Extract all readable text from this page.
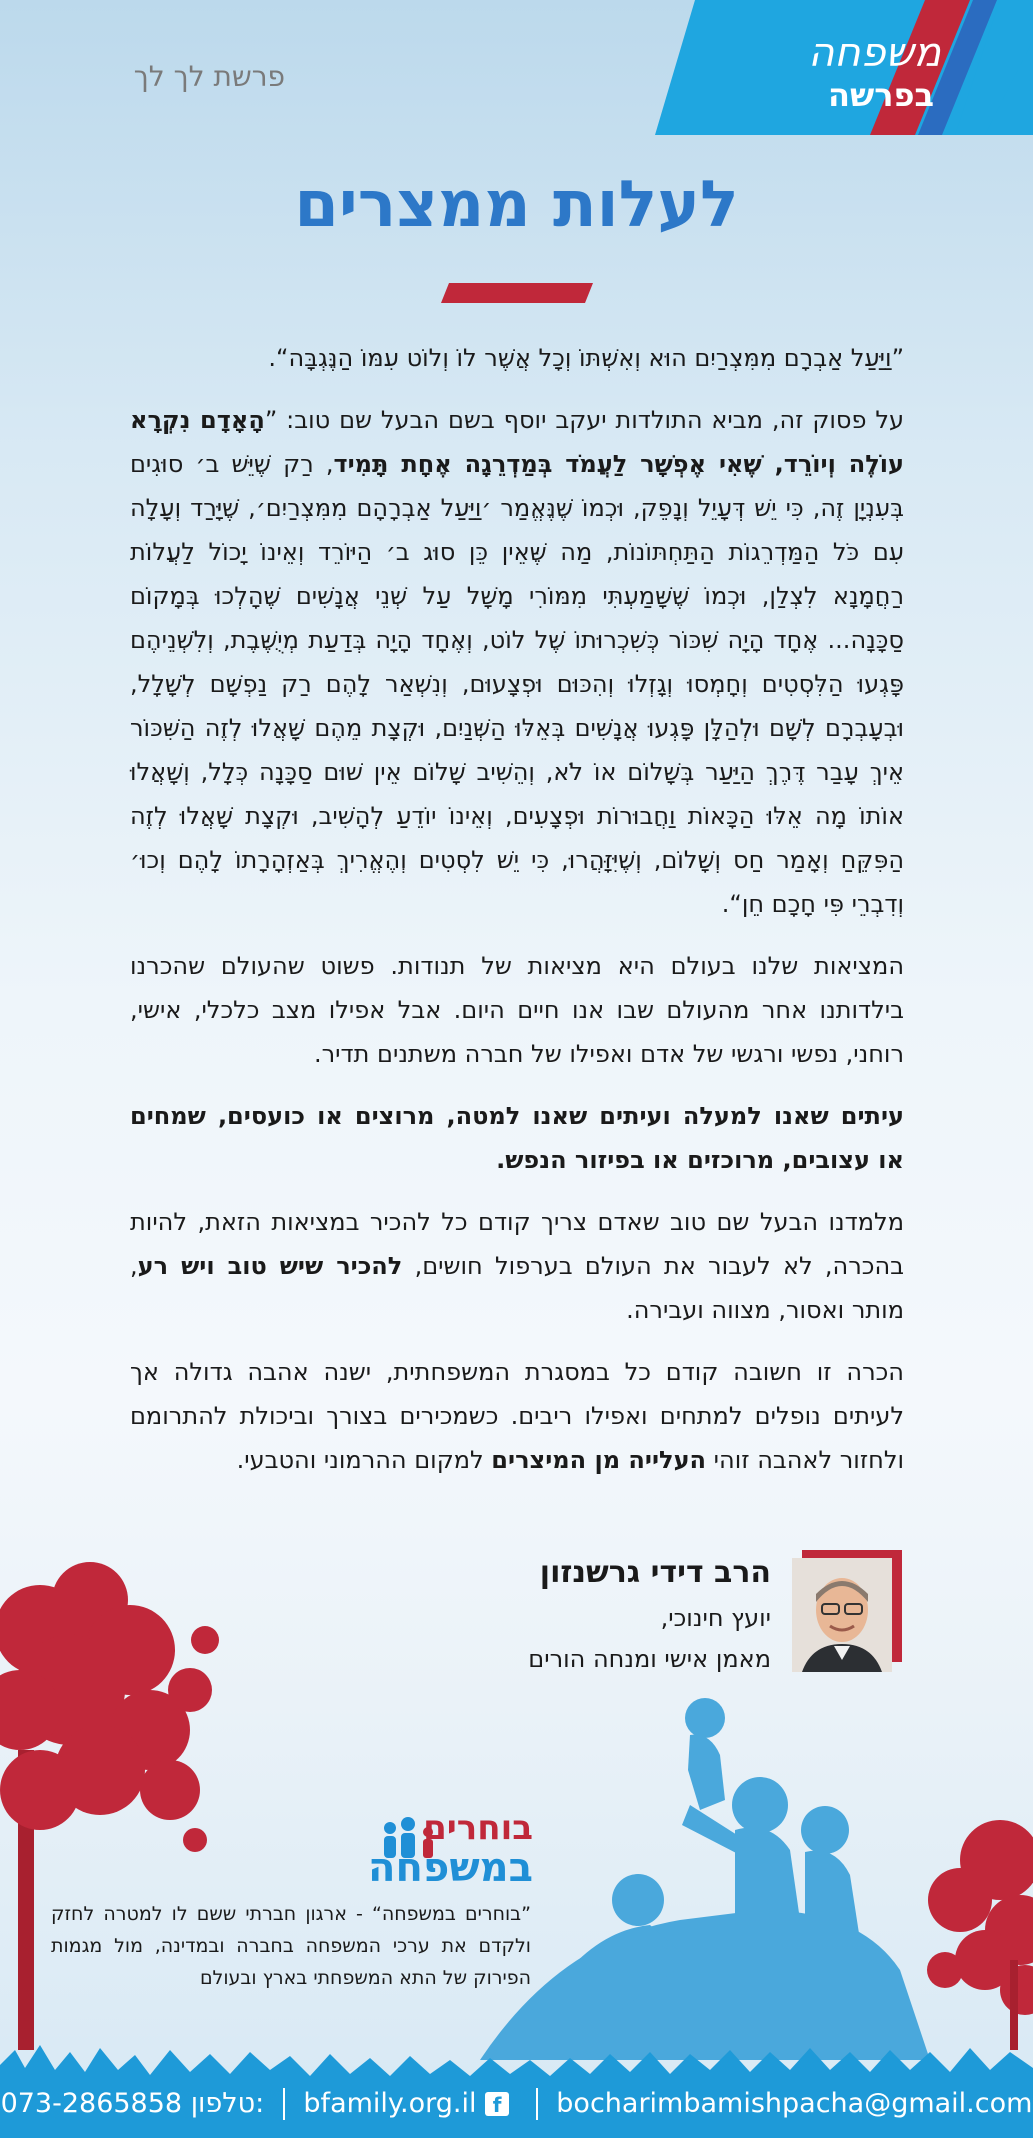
משפחה
בפרשה
פרשת לך לך
לעלות ממצרים

”וַיַּעַל אַבְרָם מִמִּצְרַיִם הוּא וְאִשְׁתּוֹ וְכָל אֲשֶׁר לוֹ וְלוֹט עִמּוֹ הַנֶּגְבָּה“.

על פסוק זה, מביא התולדות יעקב יוסף בשם הבעל שם טוב: ”הָאָדָם נִקְרָא עוֹלֶה וְיוֹרֵד, שֶׁאִי אֶפְשָׁר לַעֲמֹד בְּמַדְרֵגָה אֶחָת תָּמִיד, רַק שֶׁיֵּשׁ ב׳ סוּגִים בְּעִנְיָן זֶה, כִּי יֵשׁ דְּעָיֵל וְנָפֵק, וּכְמוֹ שֶׁנֶּאֱמַר ׳וַיַּעַל אַבְרָהָם מִמִּצְרַיִם׳, שֶׁיָּרַד וְעָלָה עִם כֹּל הַמַּדְרֵגוֹת הַתַּחְתּוֹנוֹת, מַה שֶּׁאֵין כֵּן סוּג ב׳ הַיּוֹרֵד וְאֵינוֹ יָכוֹל לַעֲלוֹת רַחֲמָנָא לִצְלַן, וּכְמוֹ שֶׁשָּׁמַעְתִּי מִמּוֹרִי מָשָׁל עַל שְׁנֵי אֲנָשִׁים שֶׁהָלְכוּ בְּמָקוֹם סַכָּנָה... אֶחָד הָיָה שִׁכּוֹר כְּשִׁכְרוּתוֹ שֶׁל לוֹט, וְאֶחָד הָיָה בְּדַעַת מְיֻשֶּׁבֶת, וְלִשְׁנֵיהֶם פָּגְעוּ הַלִּסְטִים וְחָמְסוּ וְגָזְלוּ וְהִכּוּם וּפְצָעוּם, וְנִשְׁאַר לָהֶם רַק נַפְשָׁם לְשָׁלָל, וּבְעָבְרָם לְשָׁם וּלְהַלָּן פָּגְעוּ אֲנָשִׁים בְּאֵלּוּ הַשְּׁנַיִם, וּקְצָת מֵהֶם שָׁאֲלוּ לְזֶה הַשִּׁכּוֹר אֵיךְ עָבַר דֶּרֶךְ הַיַּעַר בְּשָׁלוֹם אוֹ לֹא, וְהֵשִׁיב שָׁלוֹם אֵין שׁוּם סַכָּנָה כְּלָל, וְשָׁאֲלוּ אוֹתוֹ מָה אֵלּוּ הַכָּאוֹת וַחֲבוּרוֹת וּפְצָעִים, וְאֵינוֹ יוֹדֵעַ לְהָשִׁיב, וּקְצָת שָׁאֲלוּ לְזֶה הַפִּקֵּחַ וְאָמַר חַס וְשָׁלוֹם, וְשֶׁיִּזָּהֲרוּ, כִּי יֵשׁ לִסְטִים וְהֶאֱרִיךְ בְּאַזְהָרָתוֹ לָהֶם וְכוּ׳ וְדִבְרֵי פִּי חָכָם חֵן“.

המציאות שלנו בעולם היא מציאות של תנודות. פשוט שהעולם שהכרנו בילדותנו אחר מהעולם שבו אנו חיים היום. אבל אפילו מצב כלכלי, אישי, רוחני, נפשי ורגשי של אדם ואפילו של חברה משתנים תדיר.

עיתים שאנו למעלה ועיתים שאנו למטה, מרוצים או כועסים, שמחים או עצובים, מרוכזים או בפיזור הנפש.

מלמדנו הבעל שם טוב שאדם צריך קודם כל להכיר במציאות הזאת, להיות בהכרה, לא לעבור את העולם בערפול חושים, להכיר שיש טוב ויש רע, מותר ואסור, מצווה ועבירה.

הכרה זו חשובה קודם כל במסגרת המשפחתית, ישנה אהבה גדולה אך לעיתים נופלים למתחים ואפילו ריבים. כשמכירים בצורך וביכולת להתרומם ולחזור לאהבה זוהי העלייה מן המיצרים למקום ההרמוני והטבעי.

הרב דידי גרשנזון
יועץ חינוכי,
מאמן אישי ומנחה הורים
בוחרים
במשפחה
”בוחרים במשפחה“ - ארגון חברתי ששם לו למטרה לחזק ולקדם את ערכי המשפחה בחברה ובמדינה, מול מגמות הפירוק של התא המשפחתי בארץ ובעולם
073-2865858 טלפון: bfamily.org.il f bocharimbamishpacha@gmail.com
